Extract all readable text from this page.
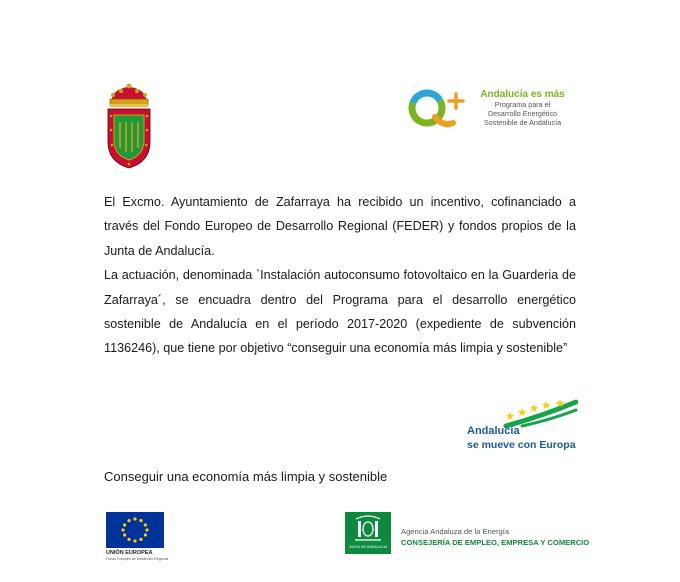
Andalucía es más
Programa para el
Desarrollo Energético
Sostenible de Andalucía

El Excmo. Ayuntamiento de Zafarraya ha recibido un incentivo, cofinanciado a través del Fondo Europeo de Desarrollo Regional (FEDER) y fondos propios de la Junta de Andalucía.

La actuación, denominada `Instalación autoconsumo fotovoltaico en la Guarderia de Zafarraya´, se encuadra dentro del Programa para el desarrollo energético sostenible de Andalucía en el período 2017-2020 (expediente de subvención 1136246), que tiene por objetivo “conseguir una economía más limpia y sostenible”

Andalucía
se mueve con Europa
Conseguir una economía más limpia y sostenible
UNIÓN EUROPEA
Fondo Europeo de Desarrollo Regional
JUNTA DE ANDALUCIA
Agencia Andaluza de la Energía
CONSEJERÍA DE EMPLEO, EMPRESA Y COMERCIO
